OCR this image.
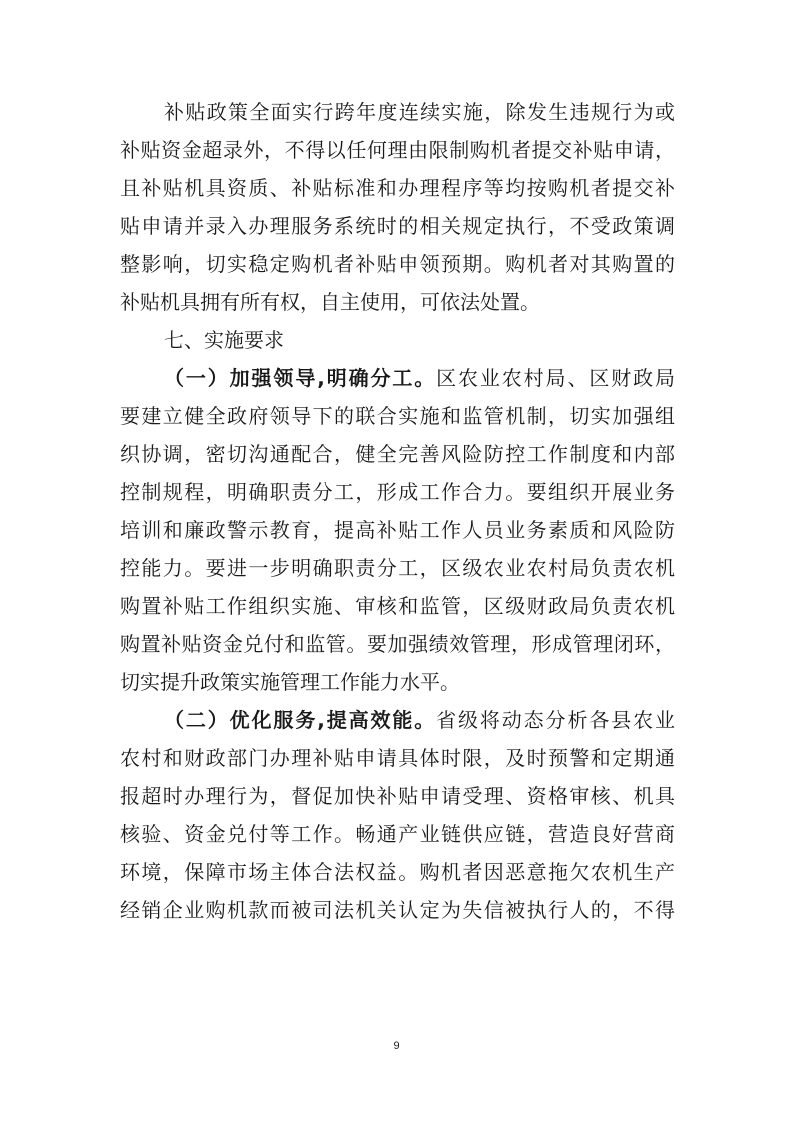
补贴政策全面实行跨年度连续实施，除发生违规行为或
补贴资金超录外，不得以任何理由限制购机者提交补贴申请，
且补贴机具资质、补贴标准和办理程序等均按购机者提交补
贴申请并录入办理服务系统时的相关规定执行，不受政策调
整影响，切实稳定购机者补贴申领预期。购机者对其购置的
补贴机具拥有所有权，自主使用，可依法处置。
七、实施要求
（一）加强领导,明确分工。区农业农村局、区财政局
要建立健全政府领导下的联合实施和监管机制，切实加强组
织协调，密切沟通配合，健全完善风险防控工作制度和内部
控制规程，明确职责分工，形成工作合力。要组织开展业务
培训和廉政警示教育，提高补贴工作人员业务素质和风险防
控能力。要进一步明确职责分工，区级农业农村局负责农机
购置补贴工作组织实施、审核和监管，区级财政局负责农机
购置补贴资金兑付和监管。要加强绩效管理，形成管理闭环，
切实提升政策实施管理工作能力水平。
（二）优化服务,提高效能。省级将动态分析各县农业
农村和财政部门办理补贴申请具体时限，及时预警和定期通
报超时办理行为，督促加快补贴申请受理、资格审核、机具
核验、资金兑付等工作。畅通产业链供应链，营造良好营商
环境，保障市场主体合法权益。购机者因恶意拖欠农机生产
经销企业购机款而被司法机关认定为失信被执行人的，不得
9
